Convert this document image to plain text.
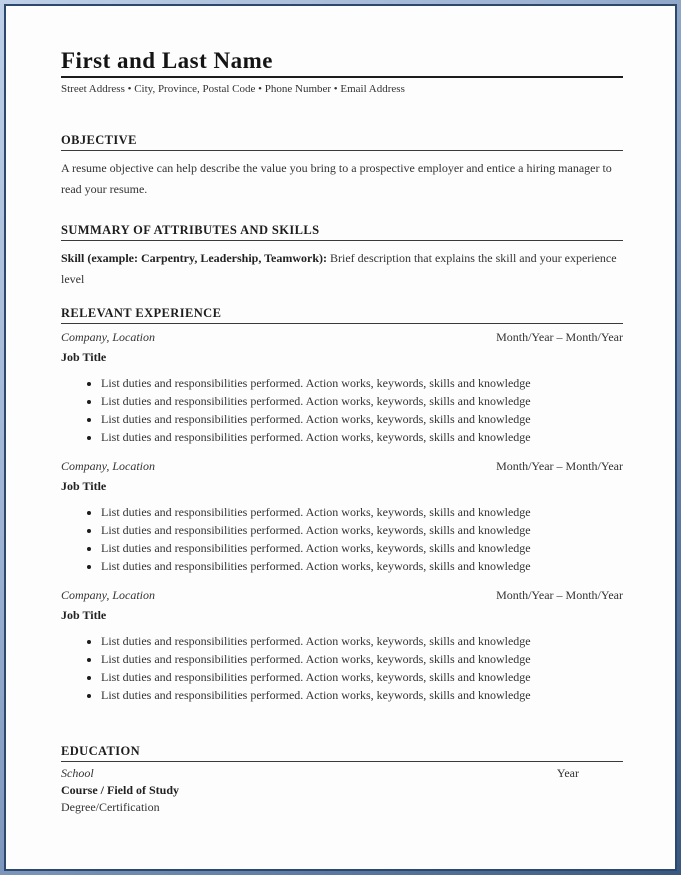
First and Last Name
Street Address • City, Province, Postal Code • Phone Number • Email Address
OBJECTIVE

A resume objective can help describe the value you bring to a prospective employer and entice a hiring manager to read your resume.

SUMMARY OF ATTRIBUTES AND SKILLS

Skill (example: Carpentry, Leadership, Teamwork): Brief description that explains the skill and your experience level

RELEVANT EXPERIENCE
Company, Location	Month/Year – Month/Year
Job Title
• List duties and responsibilities performed. Action works, keywords, skills and knowledge
• List duties and responsibilities performed. Action works, keywords, skills and knowledge
• List duties and responsibilities performed. Action works, keywords, skills and knowledge
• List duties and responsibilities performed. Action works, keywords, skills and knowledge
Company, Location	Month/Year – Month/Year
Job Title
• List duties and responsibilities performed. Action works, keywords, skills and knowledge
• List duties and responsibilities performed. Action works, keywords, skills and knowledge
• List duties and responsibilities performed. Action works, keywords, skills and knowledge
• List duties and responsibilities performed. Action works, keywords, skills and knowledge
Company, Location	Month/Year – Month/Year
Job Title
• List duties and responsibilities performed. Action works, keywords, skills and knowledge
• List duties and responsibilities performed. Action works, keywords, skills and knowledge
• List duties and responsibilities performed. Action works, keywords, skills and knowledge
• List duties and responsibilities performed. Action works, keywords, skills and knowledge
EDUCATION
School	Year
Course / Field of Study
Degree/Certification
